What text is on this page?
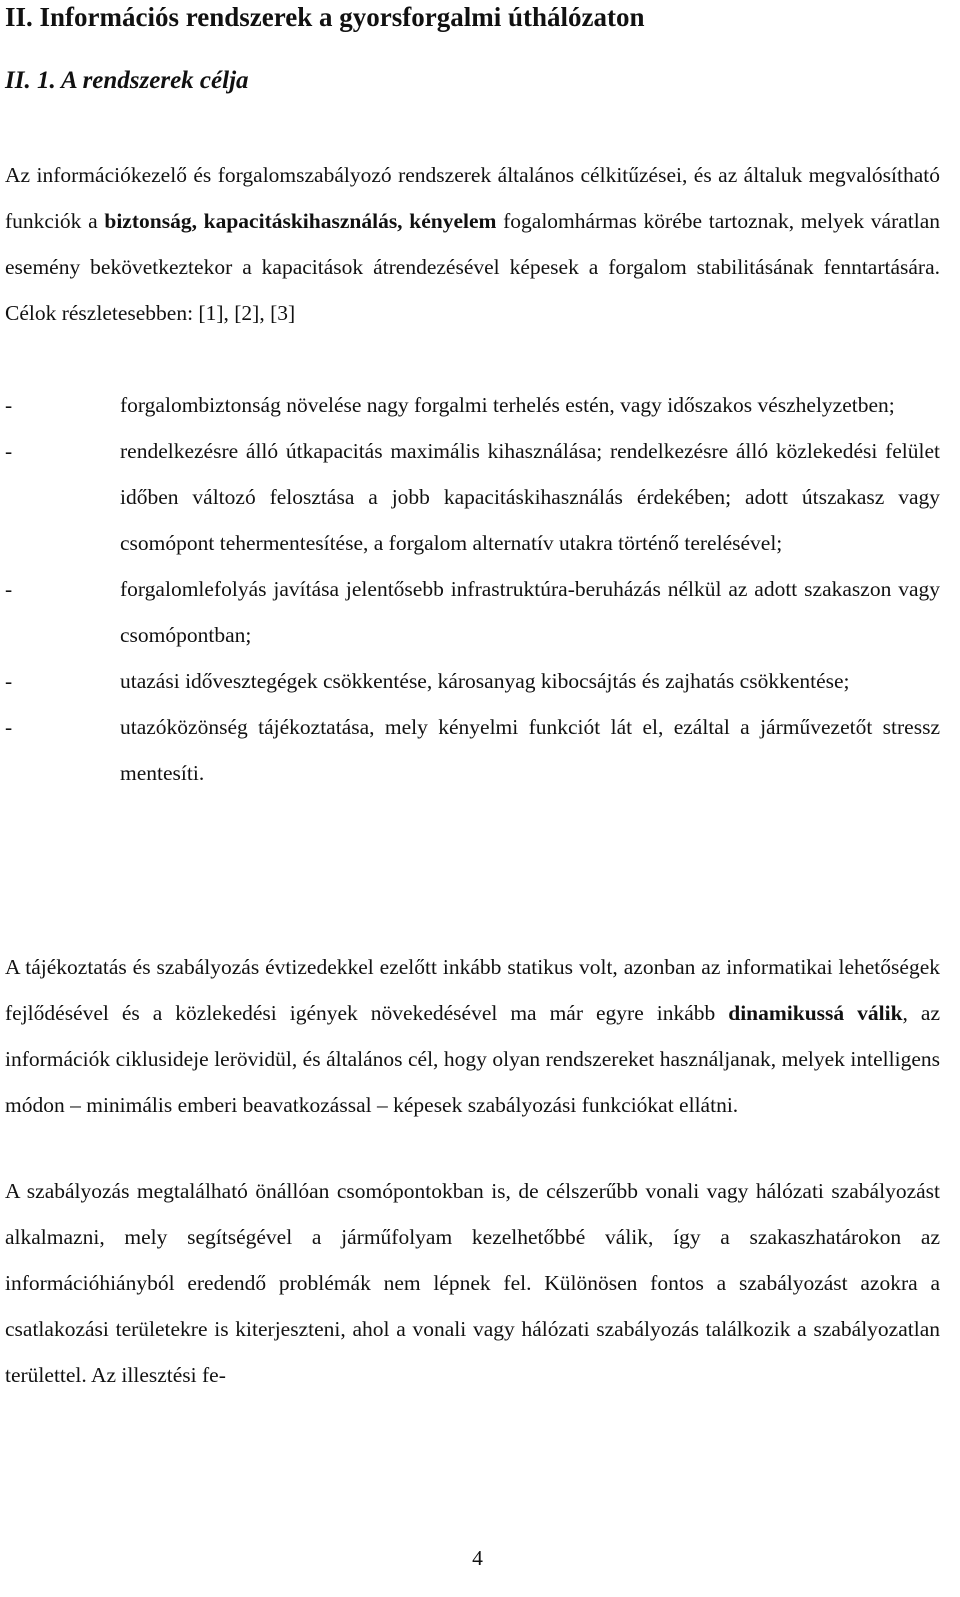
II. Információs rendszerek a gyorsforgalmi úthálózaton
II. 1. A rendszerek célja

Az információkezelő és forgalomszabályozó rendszerek általános célkitűzései, és az általuk megvalósítható funkciók a biztonság, kapacitáskihasználás, kényelem fogalomhármas körébe tartoznak, melyek váratlan esemény bekövetkeztekor a kapacitások átrendezésével képesek a forgalom stabilitásának fenntartására. Célok részletesebben: [1], [2], [3]

-	forgalombiztonság növelése nagy forgalmi terhelés estén, vagy időszakos vészhelyzetben;
-	rendelkezésre álló útkapacitás maximális kihasználása; rendelkezésre álló közlekedési felület időben változó felosztása a jobb kapacitáskihasználás érdekében; adott útszakasz vagy csomópont tehermentesítése, a forgalom alternatív utakra történő terelésével;
-	forgalomlefolyás javítása jelentősebb infrastruktúra-beruházás nélkül az adott szakaszon vagy csomópontban;
-	utazási idővesztegégek csökkentése, károsanyag kibocsájtás és zajhatás csökkentése;
-	utazóközönség tájékoztatása, mely kényelmi funkciót lát el, ezáltal a járművezetőt stressz mentesíti.

A tájékoztatás és szabályozás évtizedekkel ezelőtt inkább statikus volt, azonban az informatikai lehetőségek fejlődésével és a közlekedési igények növekedésével ma már egyre inkább dinamikussá válik, az információk ciklusideje lerövidül, és általános cél, hogy olyan rendszereket használjanak, melyek intelligens módon – minimális emberi beavatkozással – képesek szabályozási funkciókat ellátni.

A szabályozás megtalálható önállóan csomópontokban is, de célszerűbb vonali vagy hálózati szabályozást alkalmazni, mely segítségével a járműfolyam kezelhetőbbé válik, így a szakaszhatárokon az információhiányból eredendő problémák nem lépnek fel. Különösen fontos a szabályozást azokra a csatlakozási területekre is kiterjeszteni, ahol a vonali vagy hálózati szabályozás találkozik a szabályozatlan területtel. Az illesztési fe-

4
